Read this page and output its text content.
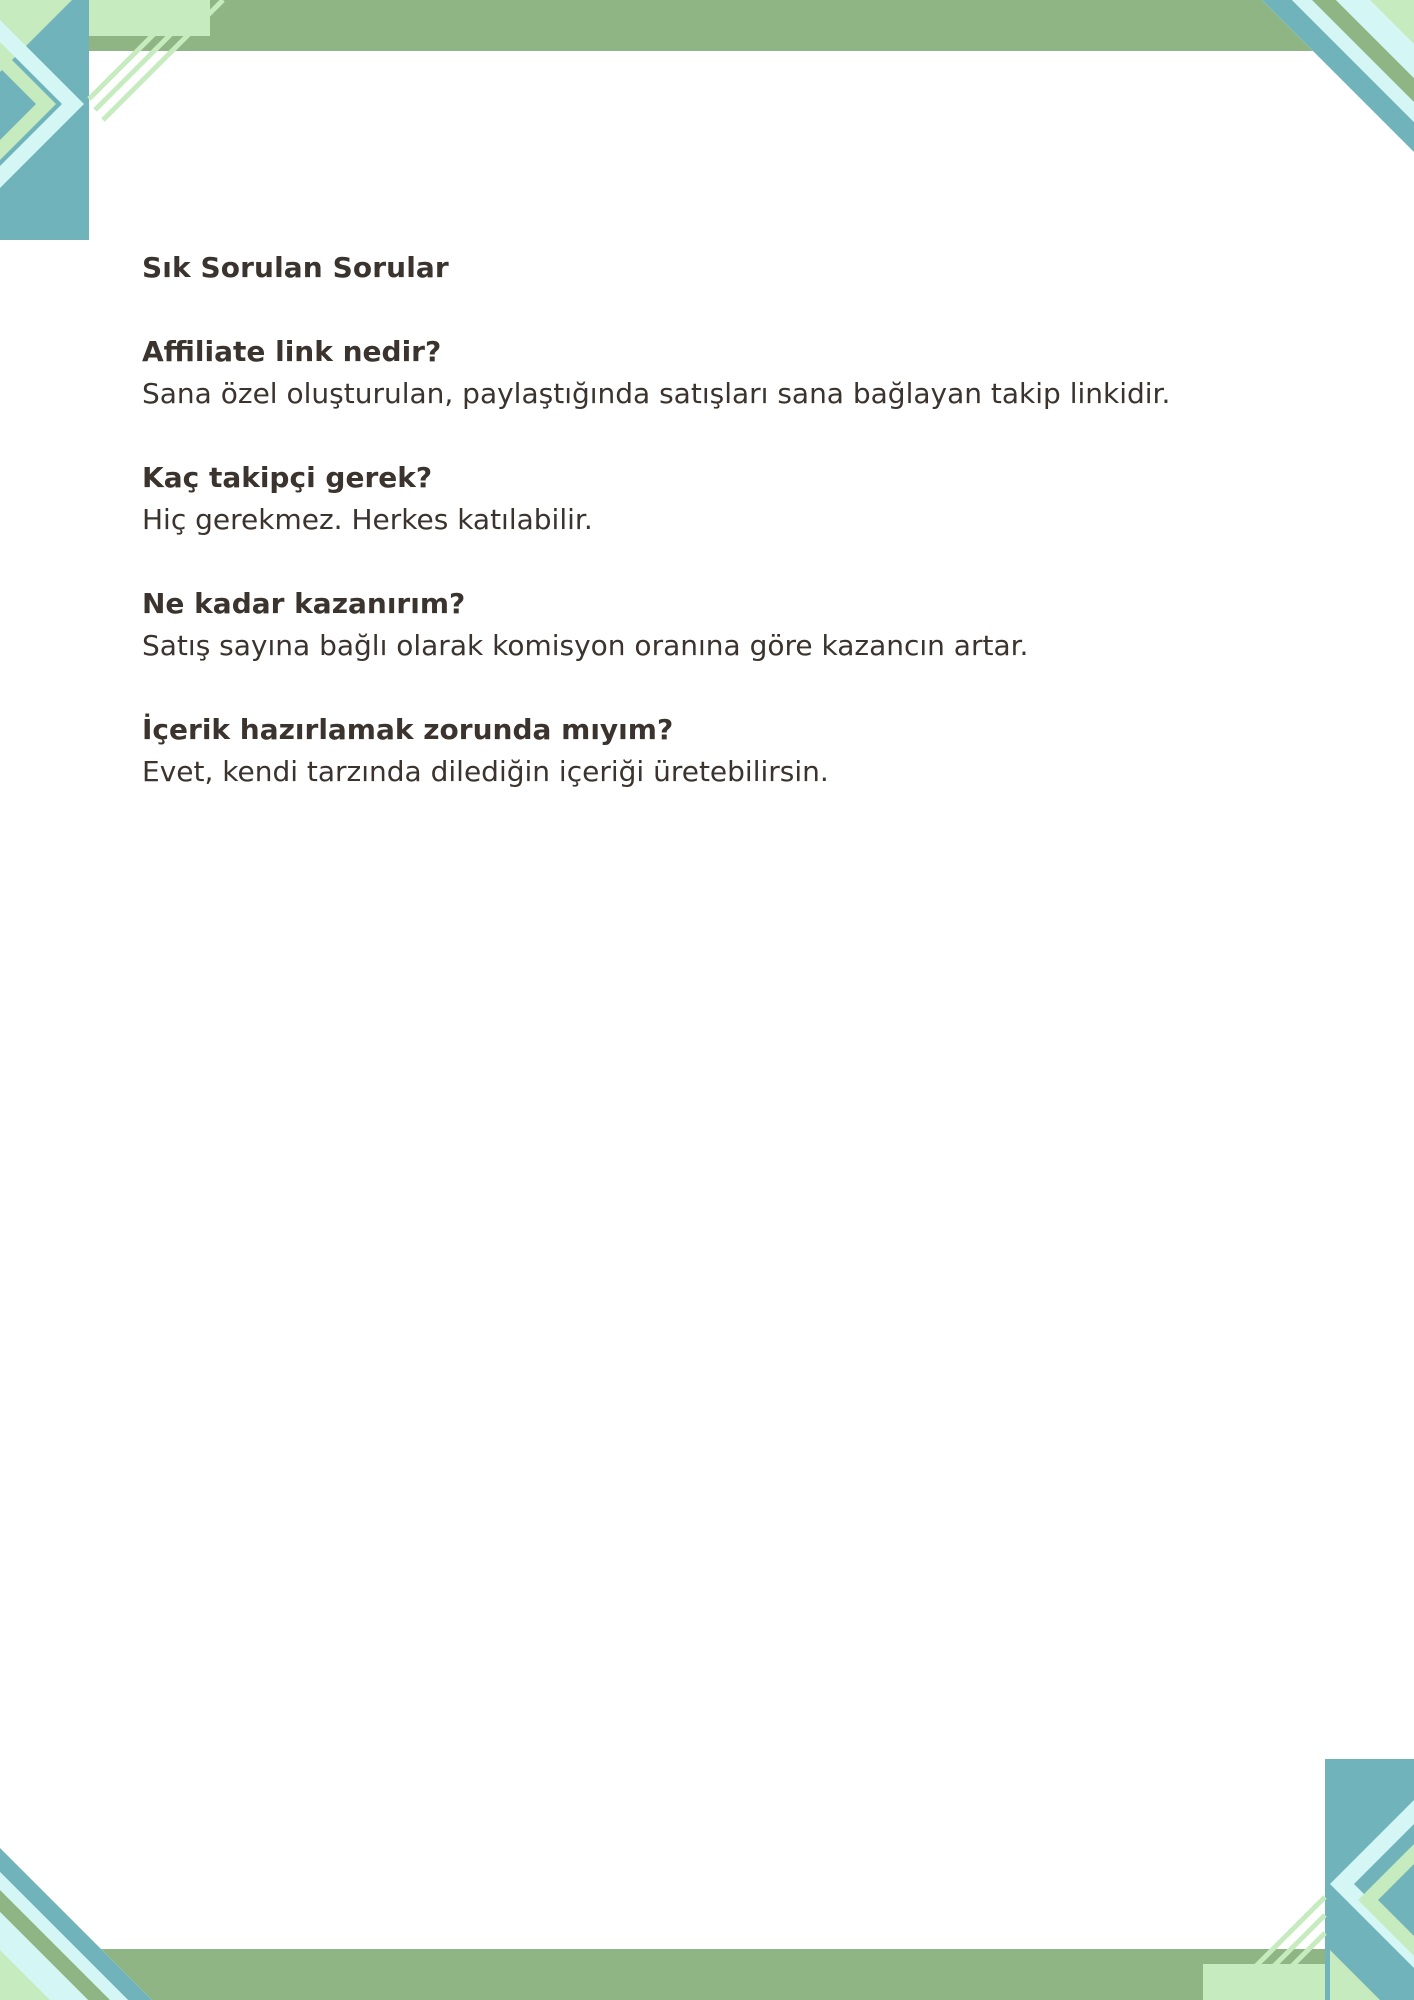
Sık Sorulan Sorular
Affiliate link nedir?
Sana özel oluşturulan, paylaştığında satışları sana bağlayan takip linkidir.
Kaç takipçi gerek?
Hiç gerekmez. Herkes katılabilir.
Ne kadar kazanırım?
Satış sayına bağlı olarak komisyon oranına göre kazancın artar.
İçerik hazırlamak zorunda mıyım?
Evet, kendi tarzında dilediğin içeriği üretebilirsin.
